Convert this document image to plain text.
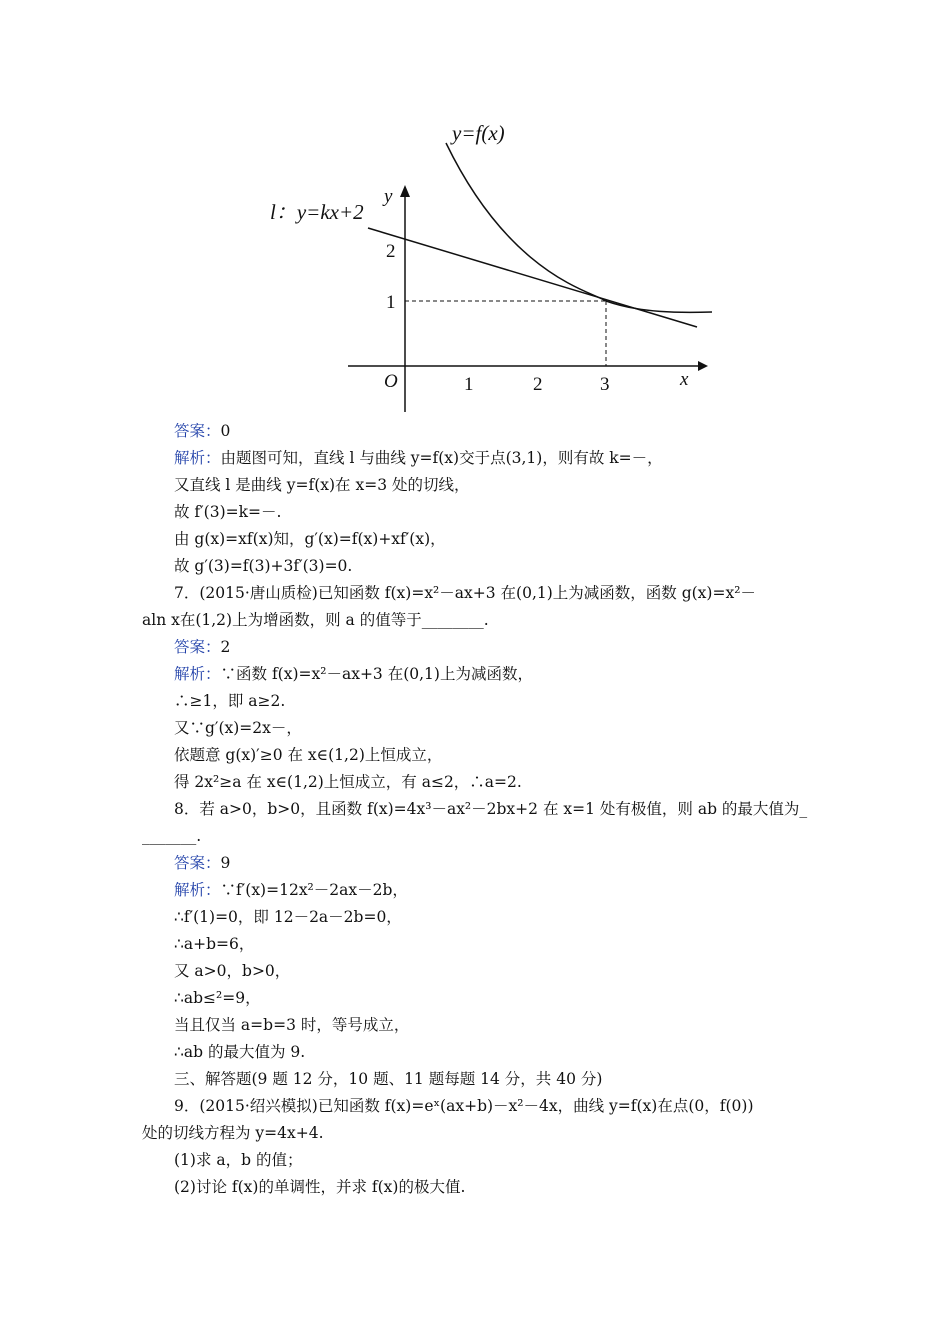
y=f(x)
l：y=kx+2
y
x
O	1	2	3
1
2
答案：0
解析：由题图可知，直线 l 与曲线 y=f(x)交于点(3,1)，则有故 k=－，
又直线 l 是曲线 y=f(x)在 x=3 处的切线，
故 f′(3)=k=－.
由 g(x)=xf(x)知，g′(x)=f(x)+xf′(x)，
故 g′(3)=f(3)+3f′(3)=0.
7．(2015·唐山质检)已知函数 f(x)=x²－ax+3 在(0,1)上为减函数，函数 g(x)=x²－
aln x在(1,2)上为增函数，则 a 的值等于________.
答案：2
解析：∵函数 f(x)=x²－ax+3 在(0,1)上为减函数，
∴≥1，即 a≥2.
又∵g′(x)=2x－，
依题意 g(x)′≥0 在 x∈(1,2)上恒成立，
得 2x²≥a 在 x∈(1,2)上恒成立，有 a≤2，∴a=2.
8．若 a>0，b>0，且函数 f(x)=4x³－ax²－2bx+2 在 x=1 处有极值，则 ab 的最大值为_
_______.
答案：9
解析：∵f′(x)=12x²－2ax－2b，
∴f′(1)=0，即 12－2a－2b=0，
∴a+b=6，
又 a>0，b>0，
∴ab≤²=9，
当且仅当 a=b=3 时，等号成立，
∴ab 的最大值为 9.
三、解答题(9 题 12 分，10 题、11 题每题 14 分，共 40 分)
9．(2015·绍兴模拟)已知函数 f(x)=eˣ(ax+b)－x²－4x，曲线 y=f(x)在点(0，f(0))
处的切线方程为 y=4x+4.
(1)求 a，b 的值；
(2)讨论 f(x)的单调性，并求 f(x)的极大值.
